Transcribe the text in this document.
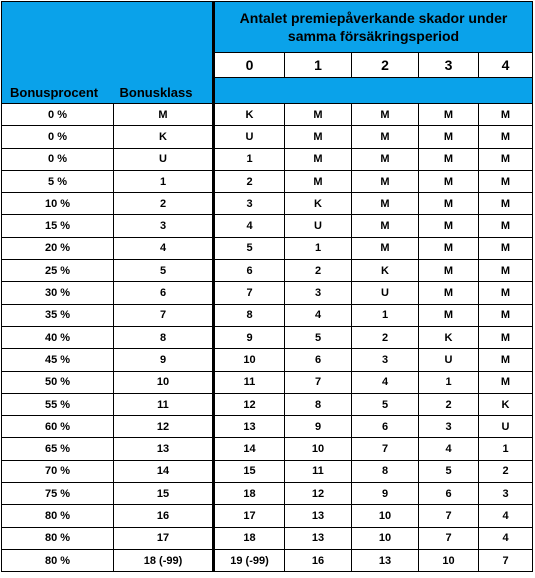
Bonusprocent	Bonusklass	Antalet premiepåverkande skador under samma försäkringsperiod				
		0	1	2	3	4

0 %	M	K	M	M	M	M
0 %	K	U	M	M	M	M
0 %	U	1	M	M	M	M
5 %	1	2	M	M	M	M
10 %	2	3	K	M	M	M
15 %	3	4	U	M	M	M
20 %	4	5	1	M	M	M
25 %	5	6	2	K	M	M
30 %	6	7	3	U	M	M
35 %	7	8	4	1	M	M
40 %	8	9	5	2	K	M
45 %	9	10	6	3	U	M
50 %	10	11	7	4	1	M
55 %	11	12	8	5	2	K
60 %	12	13	9	6	3	U
65 %	13	14	10	7	4	1
70 %	14	15	11	8	5	2
75 %	15	18	12	9	6	3
80 %	16	17	13	10	7	4
80 %	17	18	13	10	7	4
80 %	18 (-99)	19 (-99)	16	13	10	7
